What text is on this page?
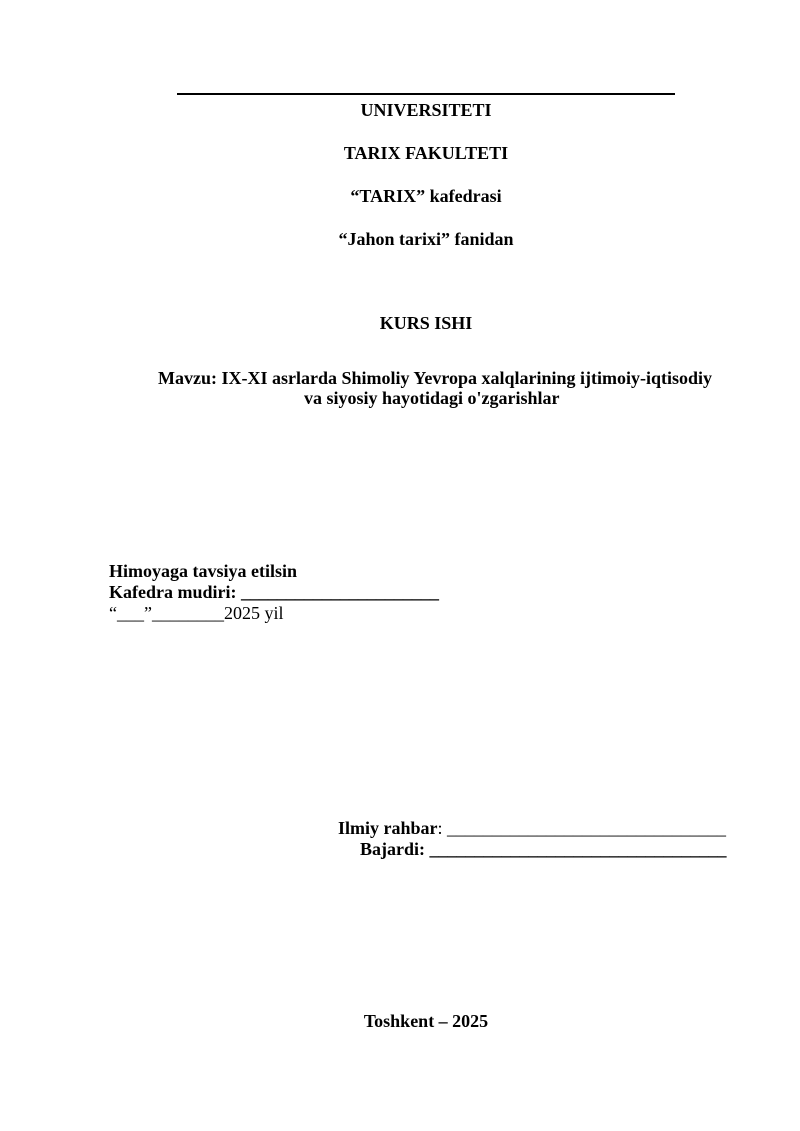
UNIVERSITETI
TARIX FAKULTETI
“TARIX” kafedrasi
“Jahon tarixi” fanidan
KURS ISHI
Mavzu: IX-XI asrlarda Shimoliy Yevropa xalqlarining ijtimoiy-iqtisodiy
va siyosiy hayotidagi o'zgarishlar
Himoyaga tavsiya etilsin
Kafedra mudiri: ______________________
“___”________2025 yil
Ilmiy rahbar: _______________________________
Bajardi: _________________________________
Toshkent – 2025
